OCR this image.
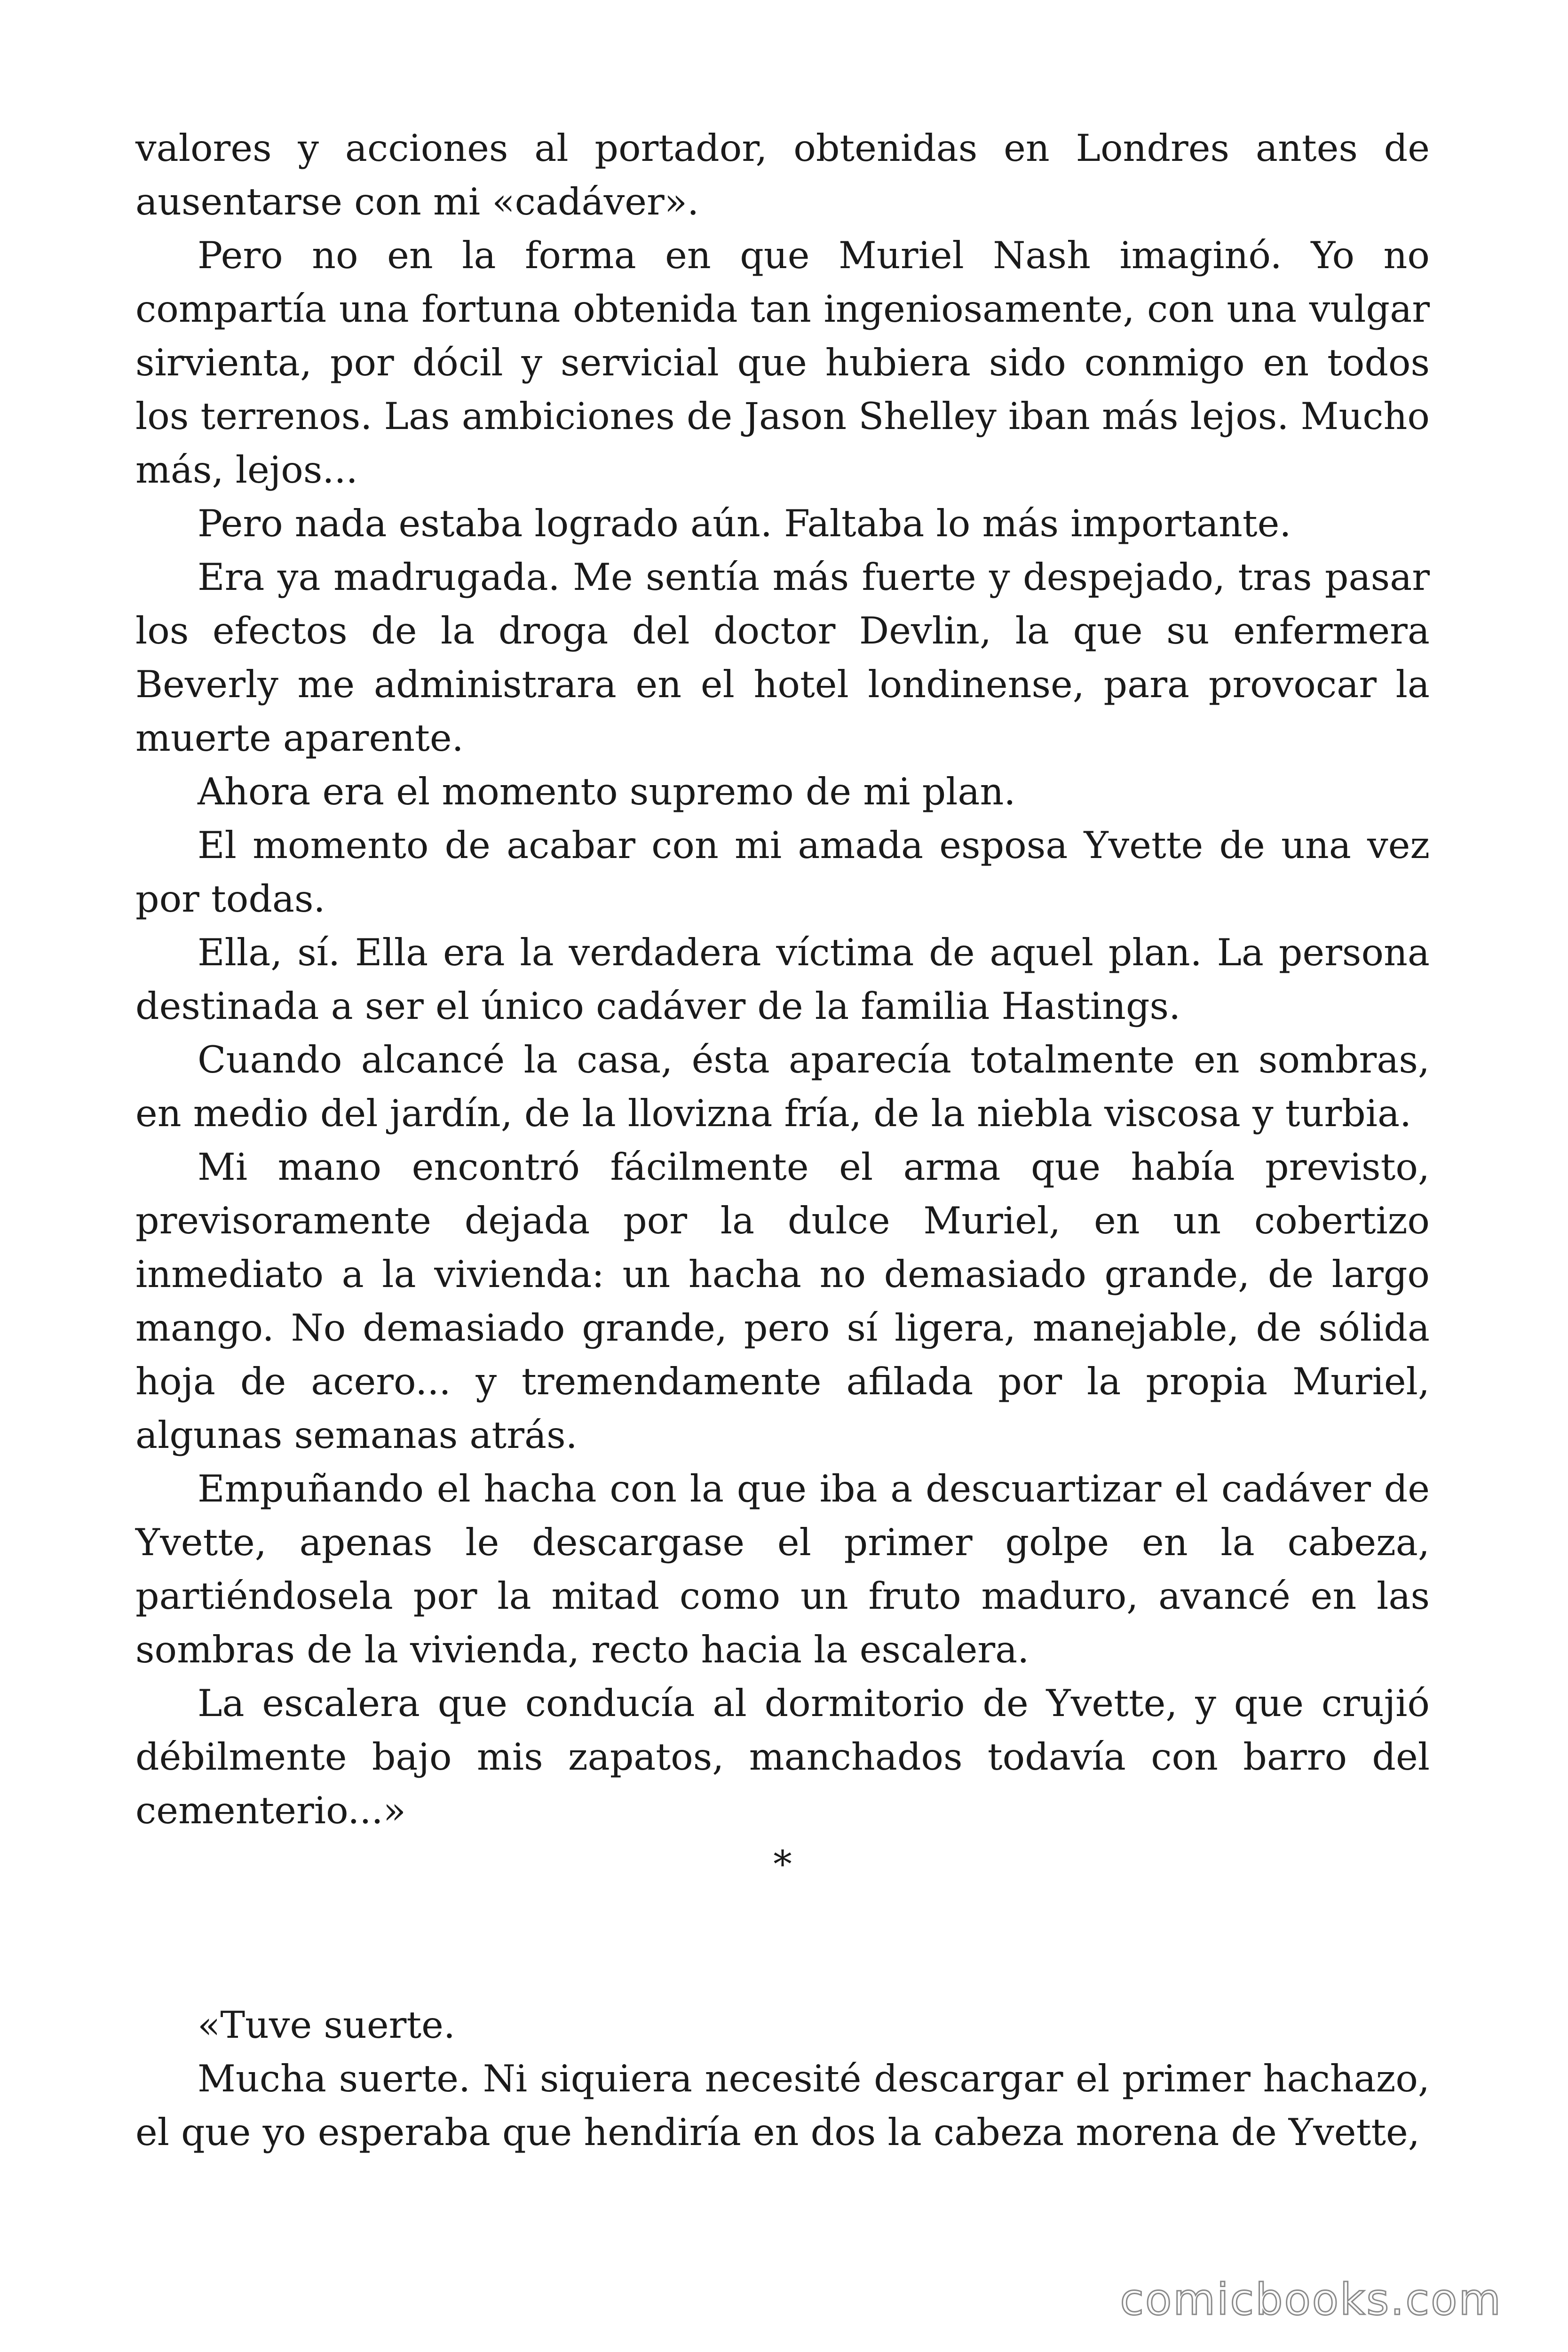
valores y acciones al portador, obtenidas en Londres antes de ausentarse con mi «cadáver».

Pero no en la forma en que Muriel Nash imaginó. Yo no compartía una fortuna obtenida tan ingeniosamente, con una vulgar sirvienta, por dócil y servicial que hubiera sido conmigo en todos los terrenos. Las ambiciones de Jason Shelley iban más lejos. Mucho más, lejos...

Pero nada estaba logrado aún. Faltaba lo más importante.

Era ya madrugada. Me sentía más fuerte y despejado, tras pasar los efectos de la droga del doctor Devlin, la que su enfermera Beverly me administrara en el hotel londinense, para provocar la muerte aparente.

Ahora era el momento supremo de mi plan.

El momento de acabar con mi amada esposa Yvette de una vez por todas.

Ella, sí. Ella era la verdadera víctima de aquel plan. La persona destinada a ser el único cadáver de la familia Hastings.

Cuando alcancé la casa, ésta aparecía totalmente en sombras, en medio del jardín, de la llovizna fría, de la niebla viscosa y turbia.

Mi mano encontró fácilmente el arma que había previsto, previsoramente dejada por la dulce Muriel, en un cobertizo inmediato a la vivienda: un hacha no demasiado grande, de largo mango. No demasiado grande, pero sí ligera, manejable, de sólida hoja de acero... y tremendamente afilada por la propia Muriel, algunas semanas atrás.

Empuñando el hacha con la que iba a descuartizar el cadáver de Yvette, apenas le descargase el primer golpe en la cabeza, partiéndosela por la mitad como un fruto maduro, avancé en las sombras de la vivienda, recto hacia la escalera.

La escalera que conducía al dormitorio de Yvette, y que crujió débilmente bajo mis zapatos, manchados todavía con barro del cementerio...»

*

«Tuve suerte.

Mucha suerte. Ni siquiera necesité descargar el primer hachazo, el que yo esperaba que hendiría en dos la cabeza morena de Yvette,

comicbooks.com
